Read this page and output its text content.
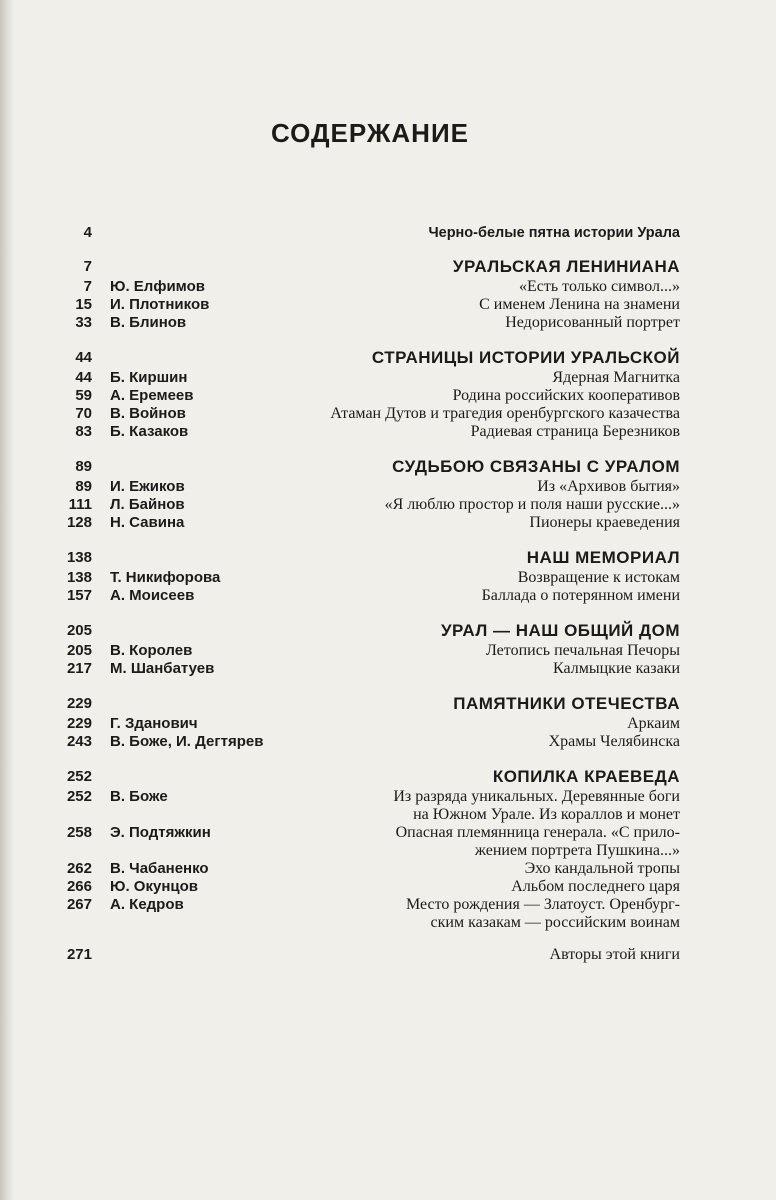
СОДЕРЖАНИЕ
4	Черно-белые пятна истории Урала
7	УРАЛЬСКАЯ ЛЕНИНИАНА
7 Ю. Елфимов	«Есть только символ...»
15 И. Плотников	С именем Ленина на знамени
33 В. Блинов	Недорисованный портрет
44	СТРАНИЦЫ ИСТОРИИ УРАЛЬСКОЙ
44 Б. Киршин	Ядерная Магнитка
59 А. Еремеев	Родина российских кооперативов
70 В. Войнов	Атаман Дутов и трагедия оренбургского казачества
83 Б. Казаков	Радиевая страница Березников
89	СУДЬБОЮ СВЯЗАНЫ С УРАЛОМ
89 И. Ежиков	Из «Архивов бытия»
111 Л. Байнов	«Я люблю простор и поля наши русские...»
128 Н. Савина	Пионеры краеведения
138	НАШ МЕМОРИАЛ
138 Т. Никифорова	Возвращение к истокам
157 А. Моисеев	Баллада о потерянном имени
205	УРАЛ — НАШ ОБЩИЙ ДОМ
205 В. Королев	Летопись печальная Печоры
217 М. Шанбатуев	Калмыцкие казаки
229	ПАМЯТНИКИ ОТЕЧЕСТВА
229 Г. Зданович	Аркаим
243 В. Боже, И. Дегтярев	Храмы Челябинска
252	КОПИЛКА КРАЕВЕДА
252 В. Боже	Из разряда уникальных. Деревянные боги
на Южном Урале. Из кораллов и монет
258 Э. Подтяжкин	Опасная племянница генерала. «С прило-
жением портрета Пушкина...»
262 В. Чабаненко	Эхо кандальной тропы
266 Ю. Окунцов	Альбом последнего царя
267 А. Кедров	Место рождения — Златоуст. Оренбург-
ским казакам — российским воинам
271	Авторы этой книги
